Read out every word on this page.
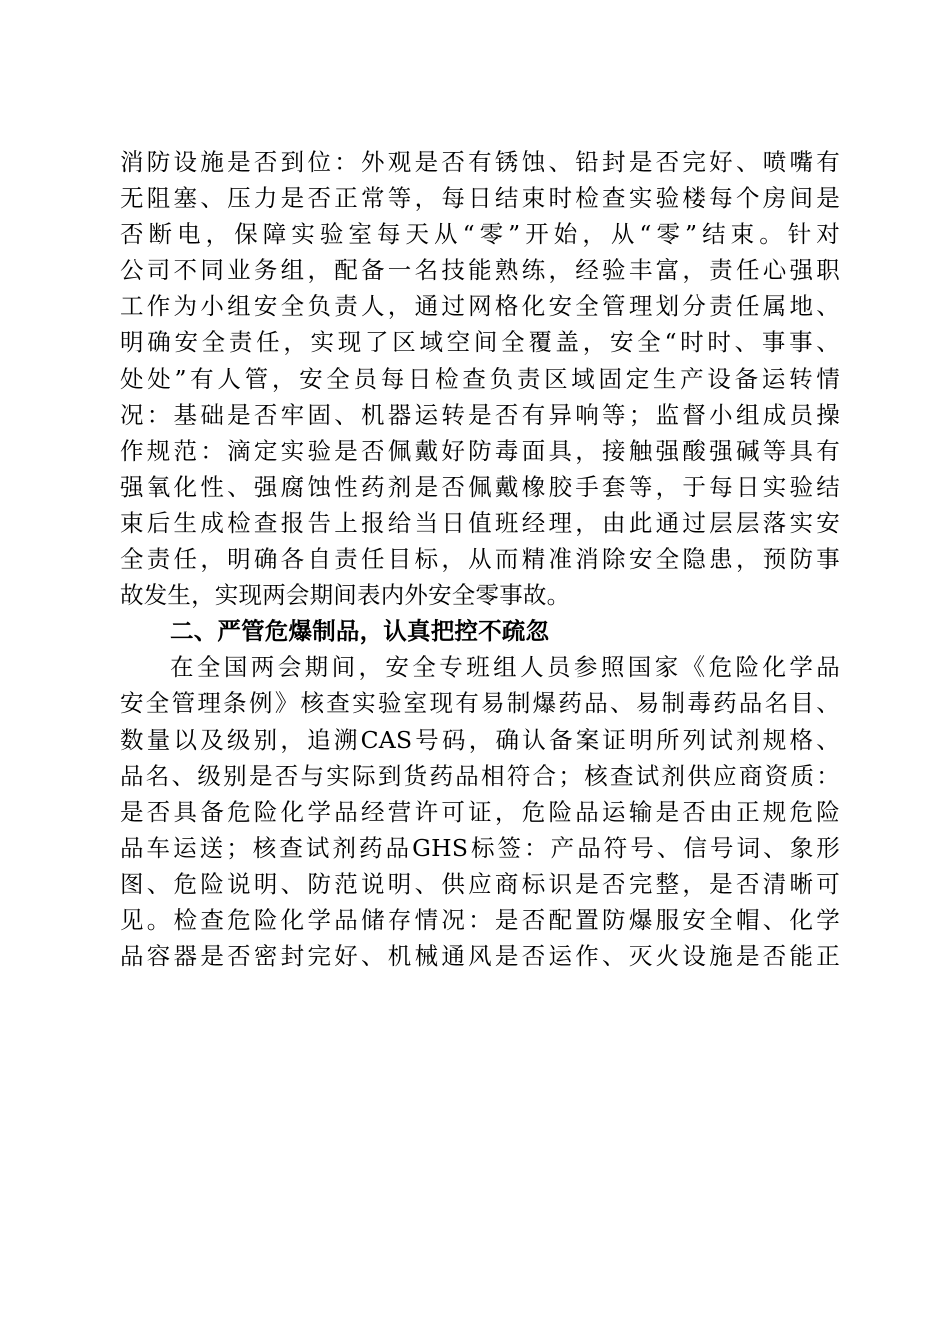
消防设施是否到位：外观是否有锈蚀、铅封是否完好、喷嘴有
无阻塞、压力是否正常等，每日结束时检查实验楼每个房间是
否断电，保障实验室每天从“零”开始，从“零”结束。针对
公司不同业务组，配备一名技能熟练，经验丰富，责任心强职
工作为小组安全负责人，通过网格化安全管理划分责任属地、
明确安全责任，实现了区域空间全覆盖，安全“时时、事事、
处处”有人管，安全员每日检查负责区域固定生产设备运转情
况：基础是否牢固、机器运转是否有异响等；监督小组成员操
作规范：滴定实验是否佩戴好防毒面具，接触强酸强碱等具有
强氧化性、强腐蚀性药剂是否佩戴橡胶手套等，于每日实验结
束后生成检查报告上报给当日值班经理，由此通过层层落实安
全责任，明确各自责任目标，从而精准消除安全隐患，预防事
故发生，实现两会期间表内外安全零事故。
二、严管危爆制品，认真把控不疏忽
在全国两会期间，安全专班组人员参照国家《危险化学品
安全管理条例》核查实验室现有易制爆药品、易制毒药品名目、
数量以及级别，追溯CAS号码，确认备案证明所列试剂规格、
品名、级别是否与实际到货药品相符合；核查试剂供应商资质：
是否具备危险化学品经营许可证，危险品运输是否由正规危险
品车运送；核查试剂药品GHS标签：产品符号、信号词、象形
图、危险说明、防范说明、供应商标识是否完整，是否清晰可
见。检查危险化学品储存情况：是否配置防爆服安全帽、化学
品容器是否密封完好、机械通风是否运作、灭火设施是否能正
